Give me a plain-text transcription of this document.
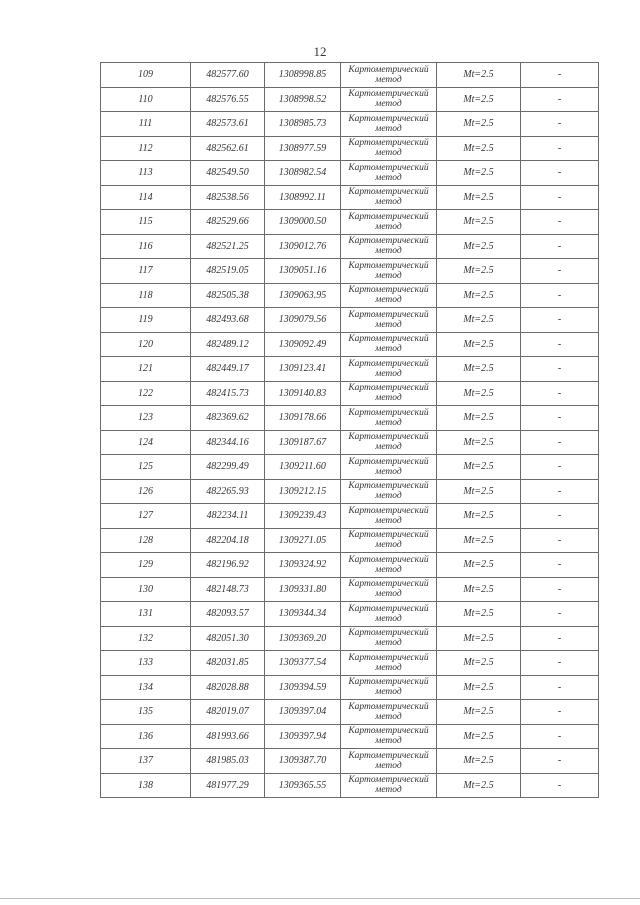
12
109	482577.60	1308998.85	Картометрический метод	Mt=2.5	-
110	482576.55	1308998.52	Картометрический метод	Mt=2.5	-
111	482573.61	1308985.73	Картометрический метод	Mt=2.5	-
112	482562.61	1308977.59	Картометрический метод	Mt=2.5	-
113	482549.50	1308982.54	Картометрический метод	Mt=2.5	-
114	482538.56	1308992.11	Картометрический метод	Mt=2.5	-
115	482529.66	1309000.50	Картометрический метод	Mt=2.5	-
116	482521.25	1309012.76	Картометрический метод	Mt=2.5	-
117	482519.05	1309051.16	Картометрический метод	Mt=2.5	-
118	482505.38	1309063.95	Картометрический метод	Mt=2.5	-
119	482493.68	1309079.56	Картометрический метод	Mt=2.5	-
120	482489.12	1309092.49	Картометрический метод	Mt=2.5	-
121	482449.17	1309123.41	Картометрический метод	Mt=2.5	-
122	482415.73	1309140.83	Картометрический метод	Mt=2.5	-
123	482369.62	1309178.66	Картометрический метод	Mt=2.5	-
124	482344.16	1309187.67	Картометрический метод	Mt=2.5	-
125	482299.49	1309211.60	Картометрический метод	Mt=2.5	-
126	482265.93	1309212.15	Картометрический метод	Mt=2.5	-
127	482234.11	1309239.43	Картометрический метод	Mt=2.5	-
128	482204.18	1309271.05	Картометрический метод	Mt=2.5	-
129	482196.92	1309324.92	Картометрический метод	Mt=2.5	-
130	482148.73	1309331.80	Картометрический метод	Mt=2.5	-
131	482093.57	1309344.34	Картометрический метод	Mt=2.5	-
132	482051.30	1309369.20	Картометрический метод	Mt=2.5	-
133	482031.85	1309377.54	Картометрический метод	Mt=2.5	-
134	482028.88	1309394.59	Картометрический метод	Mt=2.5	-
135	482019.07	1309397.04	Картометрический метод	Mt=2.5	-
136	481993.66	1309397.94	Картометрический метод	Mt=2.5	-
137	481985.03	1309387.70	Картометрический метод	Mt=2.5	-
138	481977.29	1309365.55	Картометрический метод	Mt=2.5	-
